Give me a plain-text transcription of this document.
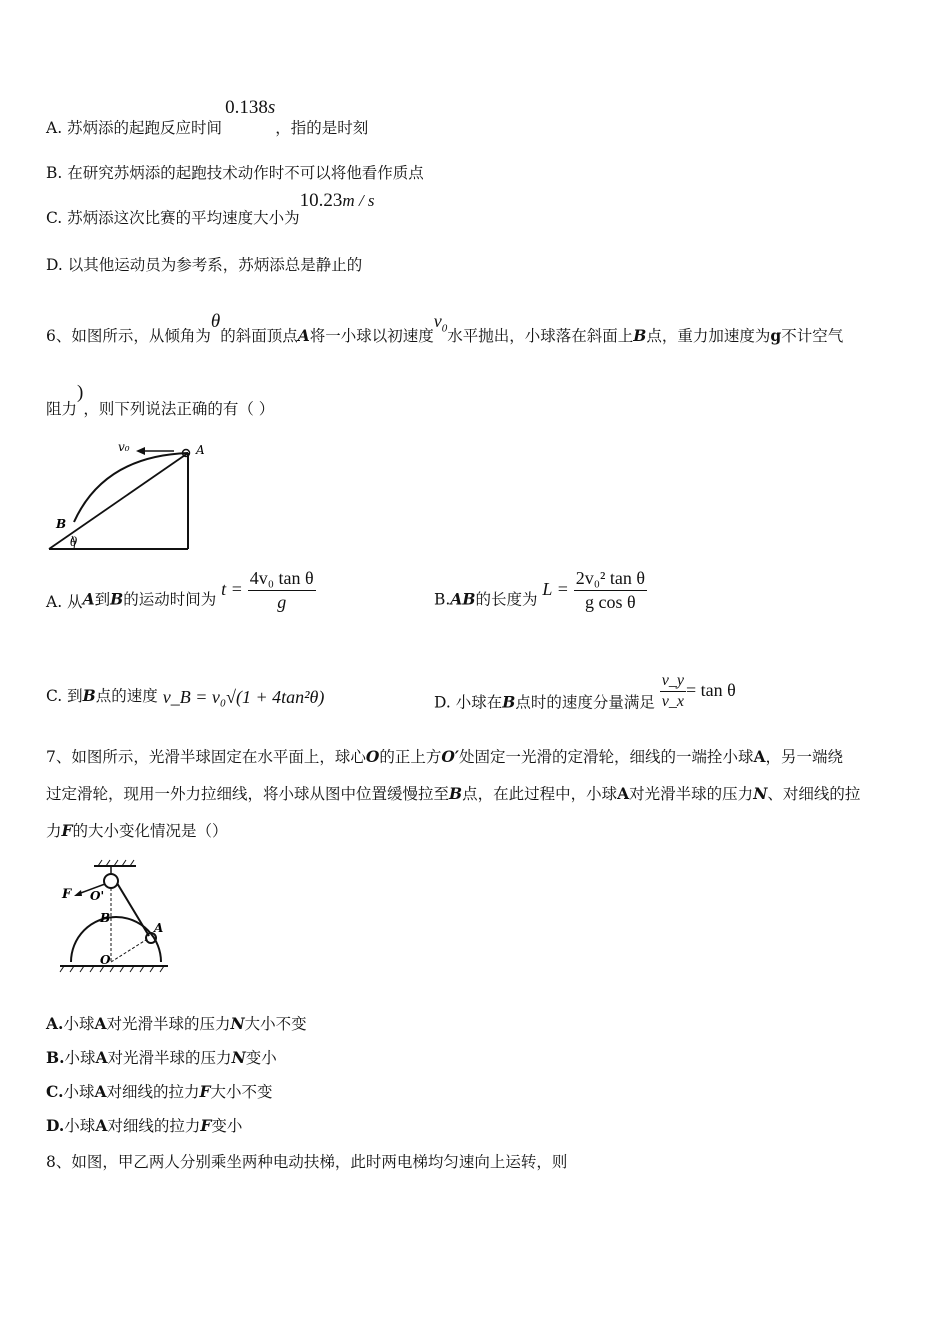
A. 苏炳添的起跑反应时间0.138s，指的是时刻
B. 在研究苏炳添的起跑技术动作时不可以将他看作质点
C. 苏炳添这次比赛的平均速度大小为10.23m / s
D. 以其他运动员为参考系，苏炳添总是静止的
6、如图所示，从倾角为θ的斜面顶点A将一小球以初速度$v_0$水平抛出，小球落在斜面上B点，重力加速度为g不计空气
阻力)，则下列说法正确的有（ ）
v₀	A
B
θ
A. 从A到B的运动时间为 $t = \frac{\text{4v₀ tan θ}}{g}$	B.AB的长度为 $L = \frac{\text{2v₀² tan θ}}{\text{g cos θ}}$
C. 到B点的速度 v_B = v₀√(1 + 4tan²θ)	D. 小球在B点时的速度分量满足 $\frac{v\_y}{v\_x} = \tan \theta$
7、如图所示，光滑半球固定在水平面上，球心O的正上方O′处固定一光滑的定滑轮，细线的一端拴小球A，另一端绕
过定滑轮，现用一外力拉细线，将小球从图中位置缓慢拉至B点，在此过程中，小球A对光滑半球的压力N、对细线的拉
力F的大小变化情况是（）
F O'
B
A
O
A.小球A对光滑半球的压力N大小不变
B.小球A对光滑半球的压力N变小
C.小球A对细线的拉力F大小不变
D.小球A对细线的拉力F变小
8、如图，甲乙两人分别乘坐两种电动扶梯，此时两电梯均匀速向上运转，则
